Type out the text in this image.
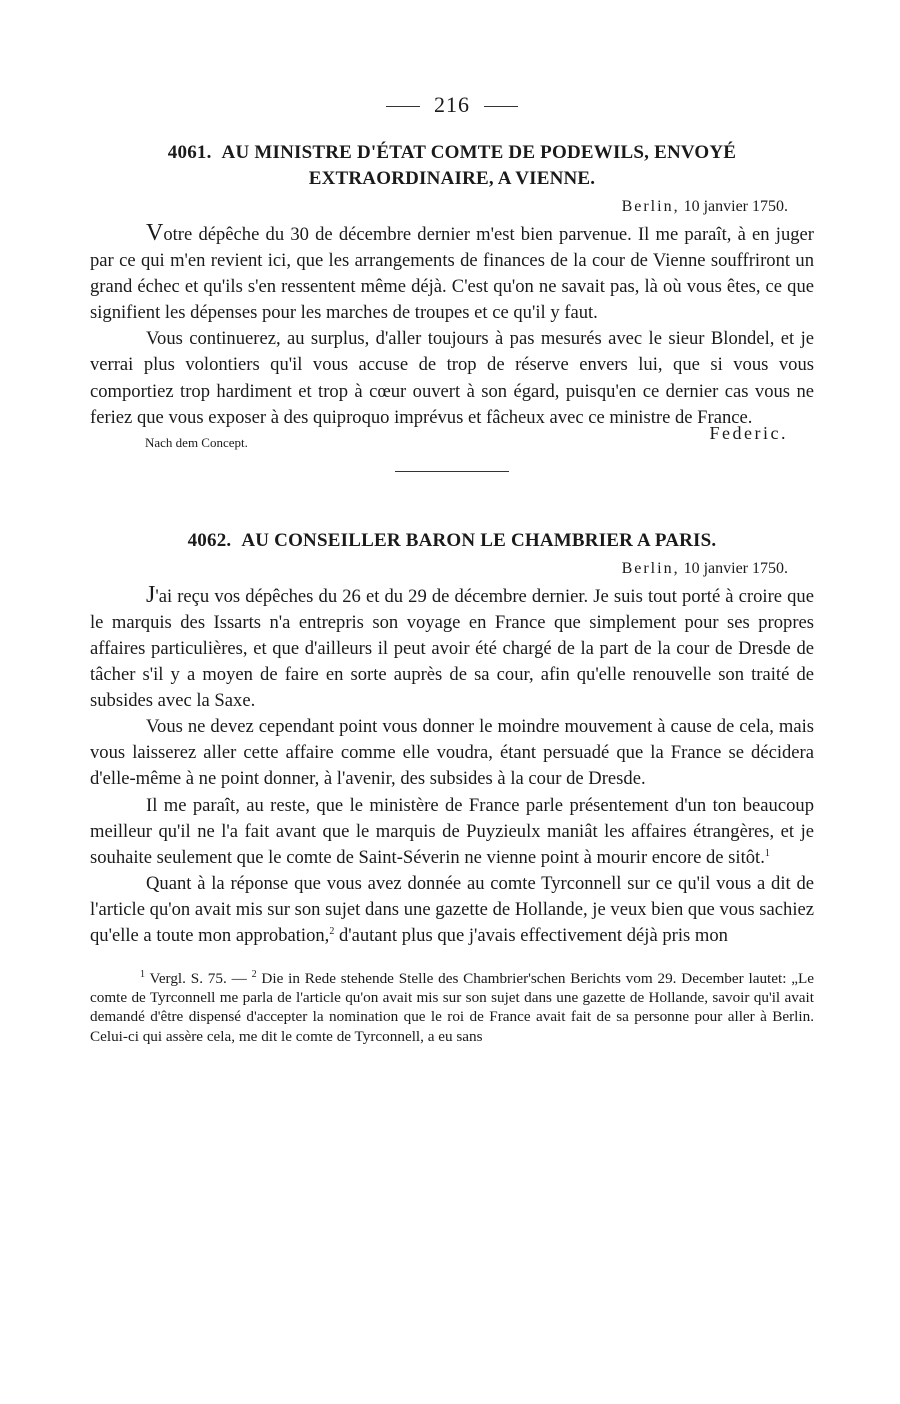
216
4061. AU MINISTRE D'ÉTAT COMTE DE PODEWILS, ENVOYÉ EXTRAORDINAIRE, A VIENNE.
Berlin, 10 janvier 1750.

Votre dépêche du 30 de décembre dernier m'est bien parvenue. Il me paraît, à en juger par ce qui m'en revient ici, que les arrangements de finances de la cour de Vienne souffriront un grand échec et qu'ils s'en ressentent même déjà. C'est qu'on ne savait pas, là où vous êtes, ce que signifient les dépenses pour les marches de troupes et ce qu'il y faut.

Vous continuerez, au surplus, d'aller toujours à pas mesurés avec le sieur Blondel, et je verrai plus volontiers qu'il vous accuse de trop de réserve envers lui, que si vous vous comportiez trop hardiment et trop à cœur ouvert à son égard, puisqu'en ce dernier cas vous ne feriez que vous exposer à des quiproquo imprévus et fâcheux avec ce ministre de France.

Nach dem Concept.	Federic.
4062. AU CONSEILLER BARON LE CHAMBRIER A PARIS.
Berlin, 10 janvier 1750.

J'ai reçu vos dépêches du 26 et du 29 de décembre dernier. Je suis tout porté à croire que le marquis des Issarts n'a entrepris son voyage en France que simplement pour ses propres affaires particulières, et que d'ailleurs il peut avoir été chargé de la part de la cour de Dresde de tâcher s'il y a moyen de faire en sorte auprès de sa cour, afin qu'elle renouvelle son traité de subsides avec la Saxe.

Vous ne devez cependant point vous donner le moindre mouvement à cause de cela, mais vous laisserez aller cette affaire comme elle voudra, étant persuadé que la France se décidera d'elle-même à ne point donner, à l'avenir, des subsides à la cour de Dresde.

Il me paraît, au reste, que le ministère de France parle présentement d'un ton beaucoup meilleur qu'il ne l'a fait avant que le marquis de Puyzieulx maniât les affaires étrangères, et je souhaite seulement que le comte de Saint-Séverin ne vienne point à mourir encore de sitôt.$^1$

Quant à la réponse que vous avez donnée au comte Tyrconnell sur ce qu'il vous a dit de l'article qu'on avait mis sur son sujet dans une gazette de Hollande, je veux bien que vous sachiez qu'elle a toute mon approbation,$^2$ d'autant plus que j'avais effectivement déjà pris mon

$^1$ Vergl. S. 75. — $^2$ Die in Rede stehende Stelle des Chambrier'schen Berichts vom 29. December lautet: „Le comte de Tyrconnell me parla de l'article qu'on avait mis sur son sujet dans une gazette de Hollande, savoir qu'il avait demandé d'être dispensé d'accepter la nomination que le roi de France avait fait de sa personne pour aller à Berlin. Celui-ci qui assère cela, me dit le comte de Tyrconnell, a eu sans
